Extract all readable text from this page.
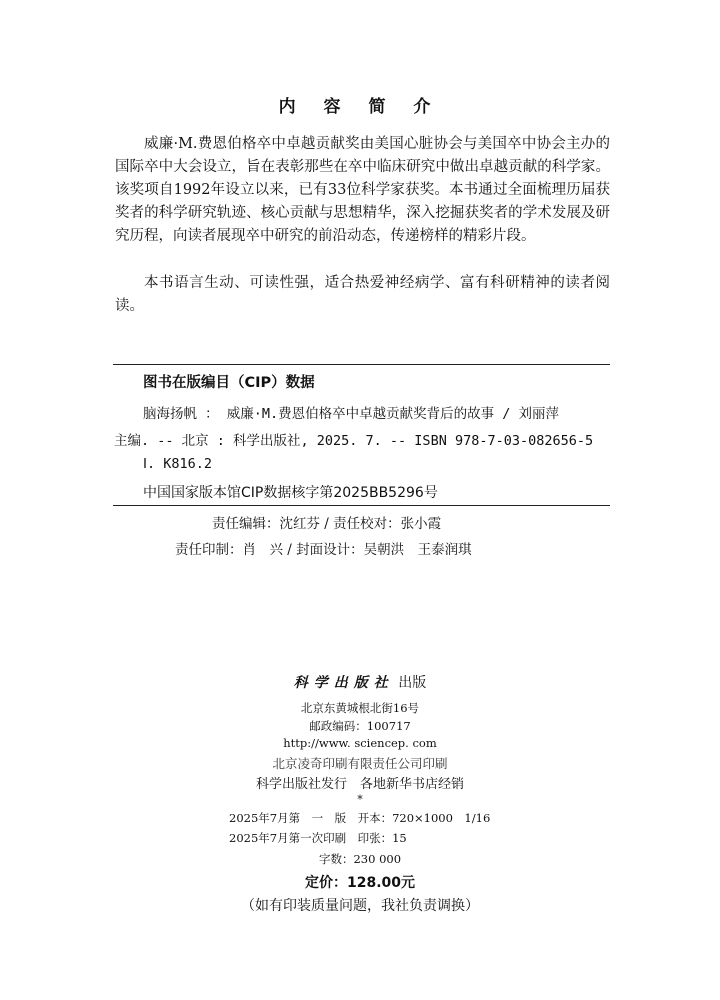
内 容 简 介

威廉·M.费恩伯格卒中卓越贡献奖由美国心脏协会与美国卒中协会主办的国际卒中大会设立，旨在表彰那些在卒中临床研究中做出卓越贡献的科学家。该奖项自1992年设立以来，已有33位科学家获奖。本书通过全面梳理历届获奖者的科学研究轨迹、核心贡献与思想精华，深入挖掘获奖者的学术发展及研究历程，向读者展现卒中研究的前沿动态，传递榜样的精彩片段。

本书语言生动、可读性强，适合热爱神经病学、富有科研精神的读者阅读。

图书在版编目（CIP）数据
脑海扬帆 ： 威廉·M.费恩伯格卒中卓越贡献奖背后的故事 / 刘丽萍
主编. -- 北京 : 科学出版社, 2025. 7. -- ISBN 978-7-03-082656-5
Ⅰ. K816.2
中国国家版本馆CIP数据核字第2025BB5296号
责任编辑：沈红芬 / 责任校对：张小霞
责任印制：肖　兴 / 封面设计：吴朝洪　王泰润琪
科学出版社 出版
北京东黄城根北街16号
邮政编码：100717
http://www. sciencep. com
北京凌奇印刷有限责任公司印刷
科学出版社发行　各地新华书店经销
*
2025年7月第　一　版　开本：720×1000　1/16
2025年7月第一次印刷　印张：15
字数：230 000
定价：128.00元
（如有印装质量问题，我社负责调换）
